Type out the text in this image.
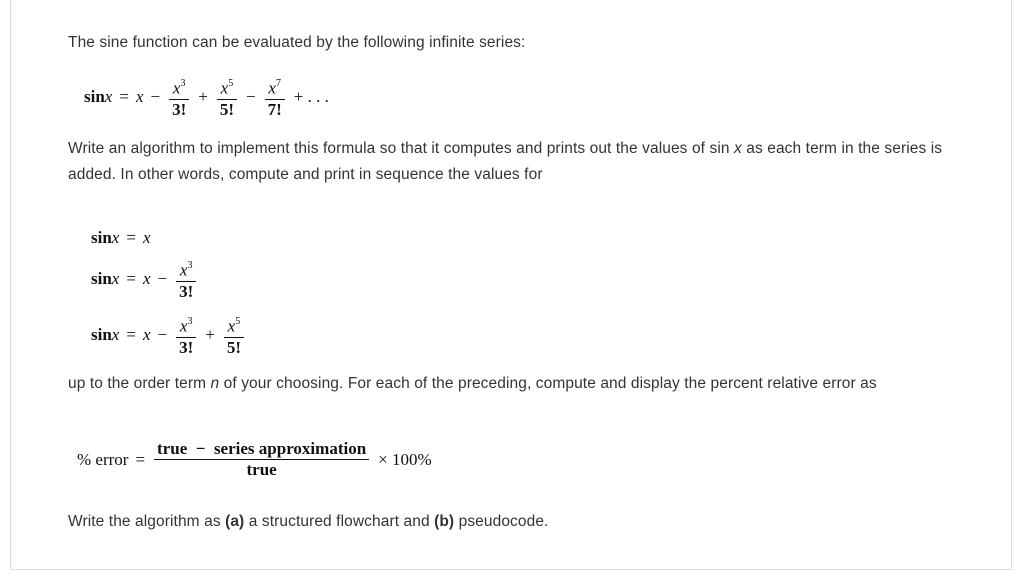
The sine function can be evaluated by the following infinite series:
$\sin x = x - \frac{x^3}{3!} + \frac{x^5}{5!} - \frac{x^7}{7!}$ + . . .
Write an algorithm to implement this formula so that it computes and prints out the values of sin x as each term in the series is added. In other words, compute and print in sequence the values for
sin x = x
$\sin x = x - \frac{x^3}{3!}$
$\sin x = x - \frac{x^3}{3!} + \frac{x^5}{5!}$
up to the order term n of your choosing. For each of the preceding, compute and display the percent relative error as
% error = $\frac{\text{true  −  series approximation}}{\text{true}} \times 100\%$
Write the algorithm as (a) a structured flowchart and (b) pseudocode.
